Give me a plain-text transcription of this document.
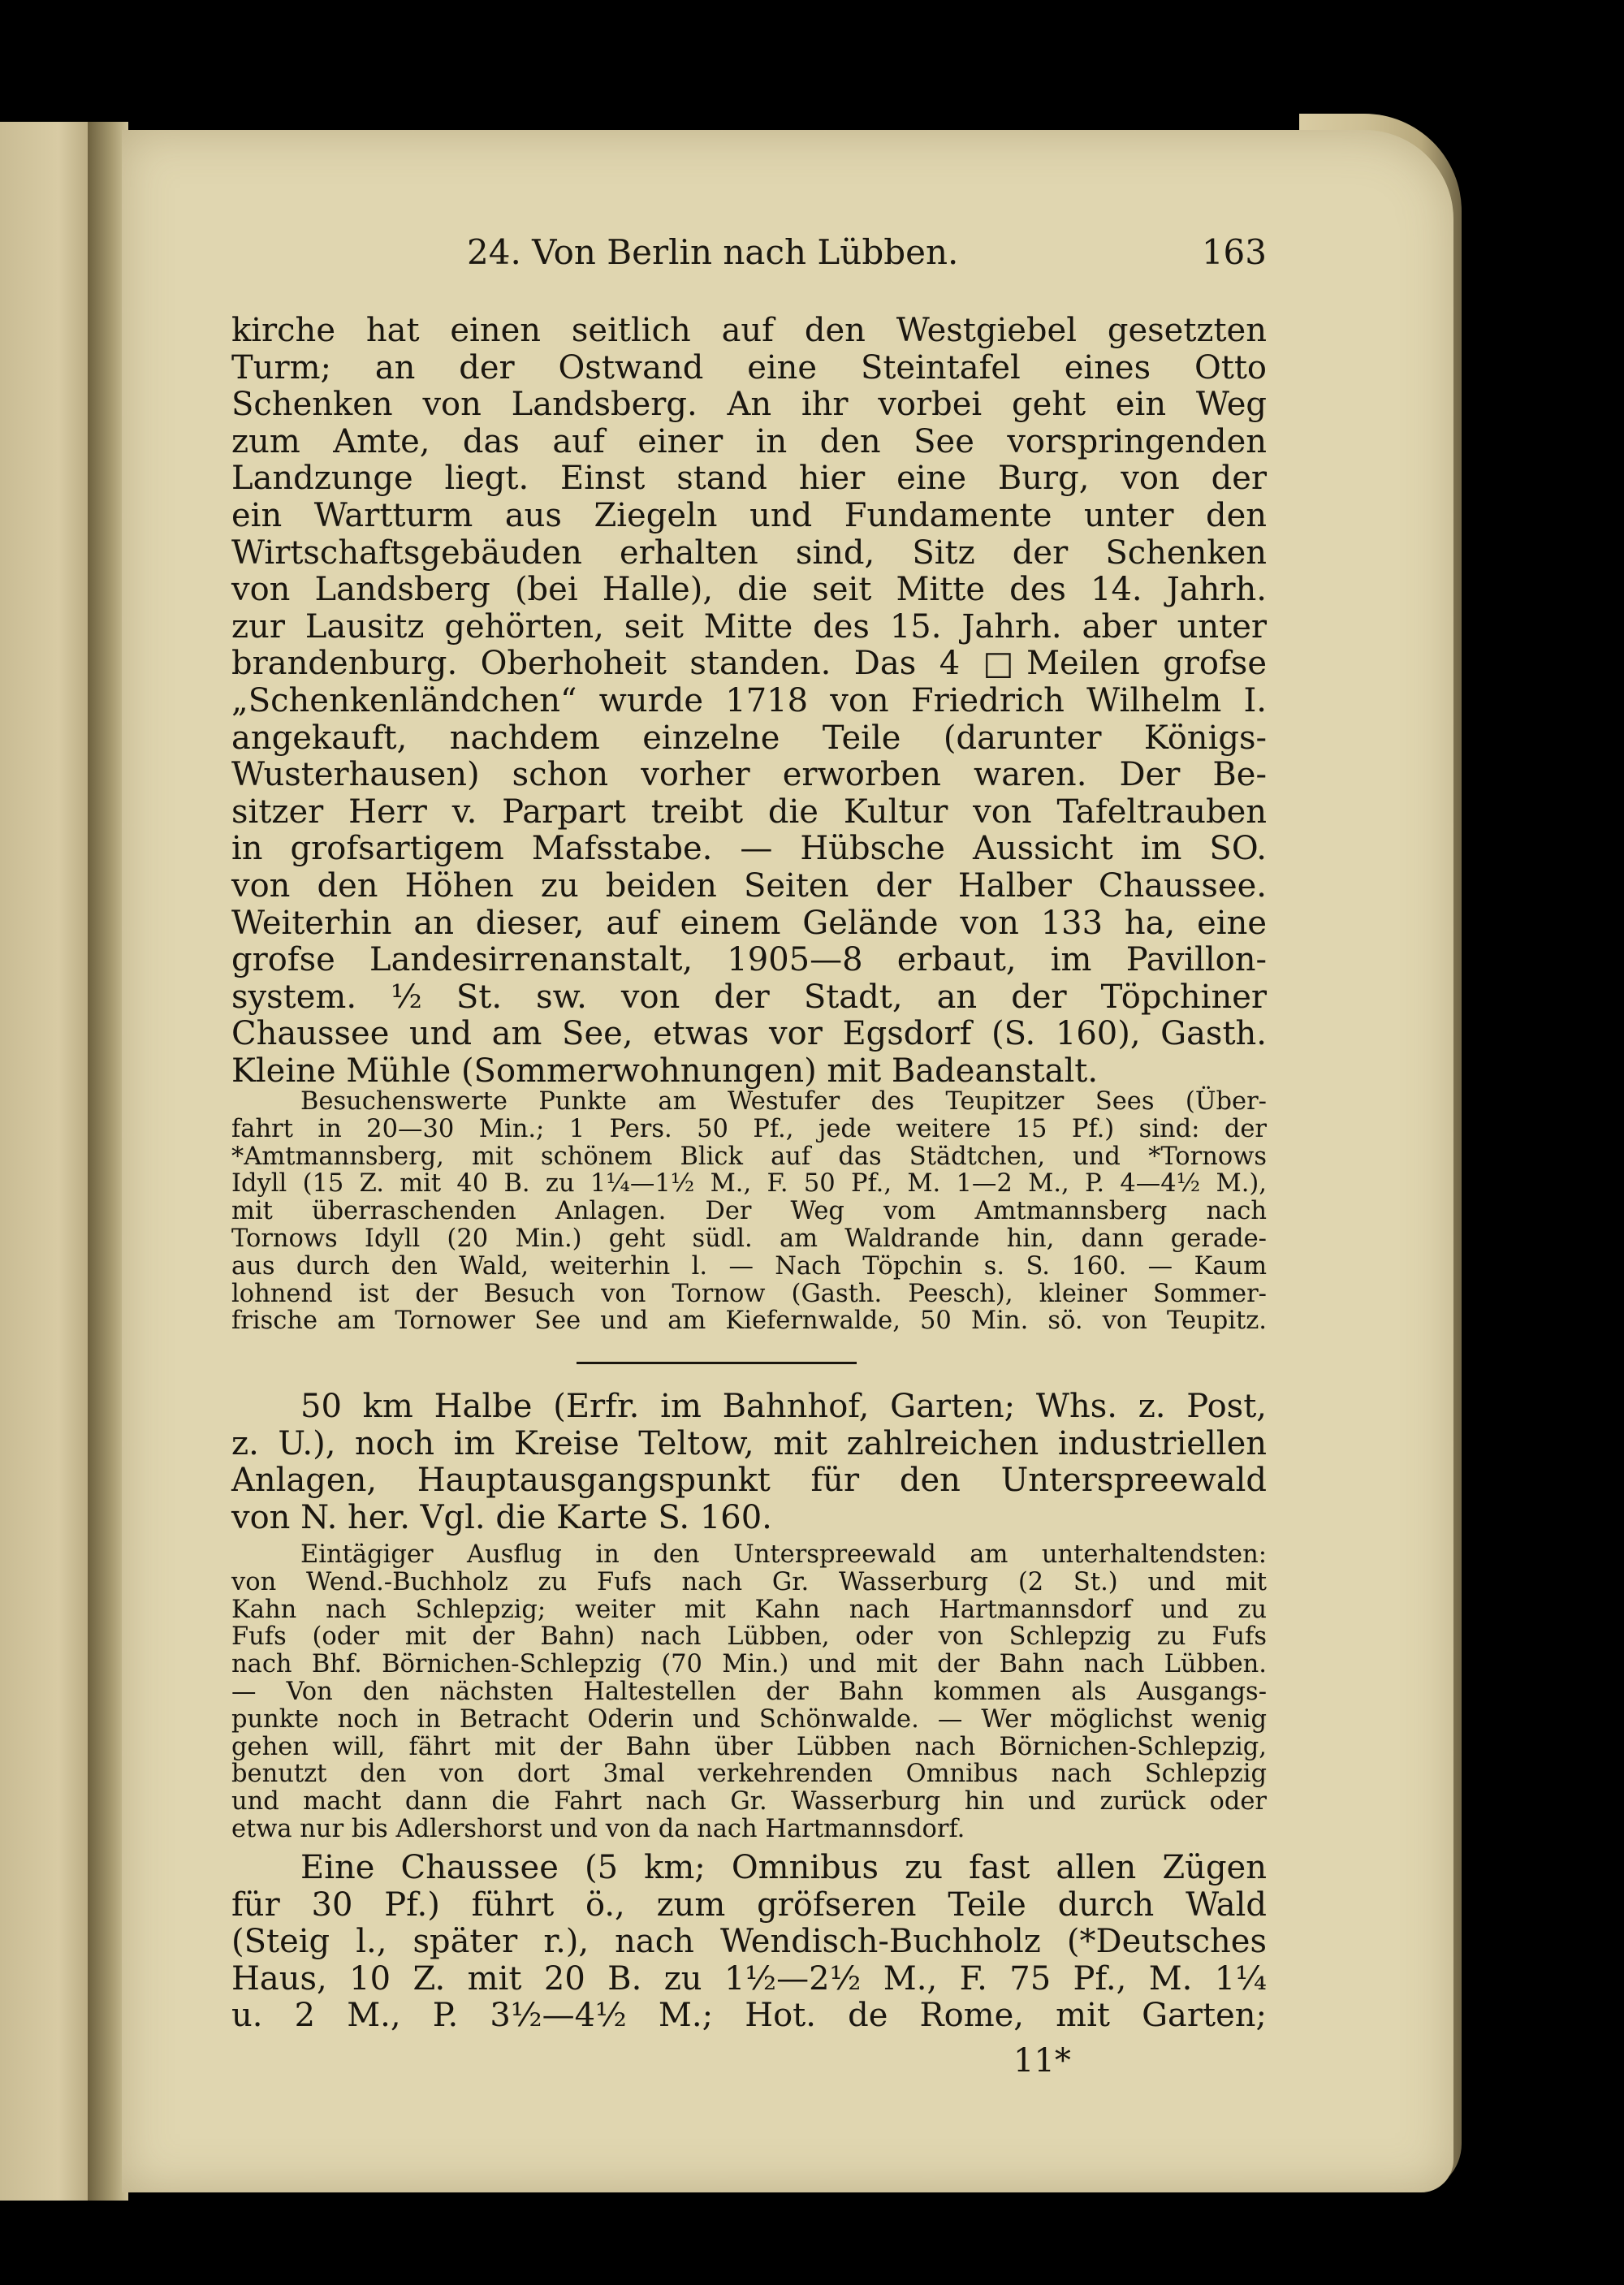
24. Von Berlin nach Lübben.	163
kirche hat einen seitlich auf den Westgiebel gesetzten
Turm; an der Ostwand eine Steintafel eines Otto
Schenken von Landsberg. An ihr vorbei geht ein Weg
zum Amte, das auf einer in den See vorspringenden
Landzunge liegt. Einst stand hier eine Burg, von der
ein Wartturm aus Ziegeln und Fundamente unter den
Wirtschaftsgebäuden erhalten sind, Sitz der Schenken
von Landsberg (bei Halle), die seit Mitte des 14. Jahrh.
zur Lausitz gehörten, seit Mitte des 15. Jahrh. aber unter
brandenburg. Oberhoheit standen. Das 4 □Meilen grofse
„Schenkenländchen“ wurde 1718 von Friedrich Wilhelm I.
angekauft, nachdem einzelne Teile (darunter Königs-
Wusterhausen) schon vorher erworben waren. Der Be-
sitzer Herr v. Parpart treibt die Kultur von Tafeltrauben
in grofsartigem Mafsstabe. — Hübsche Aussicht im SO.
von den Höhen zu beiden Seiten der Halber Chaussee.
Weiterhin an dieser, auf einem Gelände von 133 ha, eine
grofse Landesirrenanstalt, 1905—8 erbaut, im Pavillon-
system. ½ St. sw. von der Stadt, an der Töpchiner
Chaussee und am See, etwas vor Egsdorf (S. 160), Gasth.
Kleine Mühle (Sommerwohnungen) mit Badeanstalt.
Besuchenswerte Punkte am Westufer des Teupitzer Sees (Über-
fahrt in 20—30 Min.; 1 Pers. 50 Pf., jede weitere 15 Pf.) sind: der
*Amtmannsberg, mit schönem Blick auf das Städtchen, und *Tornows
Idyll (15 Z. mit 40 B. zu 1¼—1½ M., F. 50 Pf., M. 1—2 M., P. 4—4½ M.),
mit überraschenden Anlagen. Der Weg vom Amtmannsberg nach
Tornows Idyll (20 Min.) geht südl. am Waldrande hin, dann gerade-
aus durch den Wald, weiterhin l. — Nach Töpchin s. S. 160. — Kaum
lohnend ist der Besuch von Tornow (Gasth. Peesch), kleiner Sommer-
frische am Tornower See und am Kiefernwalde, 50 Min. sö. von Teupitz.
50 km Halbe (Erfr. im Bahnhof, Garten; Whs. z. Post,
z. U.), noch im Kreise Teltow, mit zahlreichen industriellen
Anlagen, Hauptausgangspunkt für den Unterspreewald
von N. her. Vgl. die Karte S. 160.
Eintägiger Ausflug in den Unterspreewald am unterhaltendsten:
von Wend.-Buchholz zu Fufs nach Gr. Wasserburg (2 St.) und mit
Kahn nach Schlepzig; weiter mit Kahn nach Hartmannsdorf und zu
Fufs (oder mit der Bahn) nach Lübben, oder von Schlepzig zu Fufs
nach Bhf. Börnichen-Schlepzig (70 Min.) und mit der Bahn nach Lübben.
— Von den nächsten Haltestellen der Bahn kommen als Ausgangs-
punkte noch in Betracht Oderin und Schönwalde. — Wer möglichst wenig
gehen will, fährt mit der Bahn über Lübben nach Börnichen-Schlepzig,
benutzt den von dort 3mal verkehrenden Omnibus nach Schlepzig
und macht dann die Fahrt nach Gr. Wasserburg hin und zurück oder
etwa nur bis Adlershorst und von da nach Hartmannsdorf.
Eine Chaussee (5 km; Omnibus zu fast allen Zügen
für 30 Pf.) führt ö., zum gröfseren Teile durch Wald
(Steig l., später r.), nach Wendisch-Buchholz (*Deutsches
Haus, 10 Z. mit 20 B. zu 1½—2½ M., F. 75 Pf., M. 1¼
u. 2 M., P. 3½—4½ M.; Hot. de Rome, mit Garten;
11*
